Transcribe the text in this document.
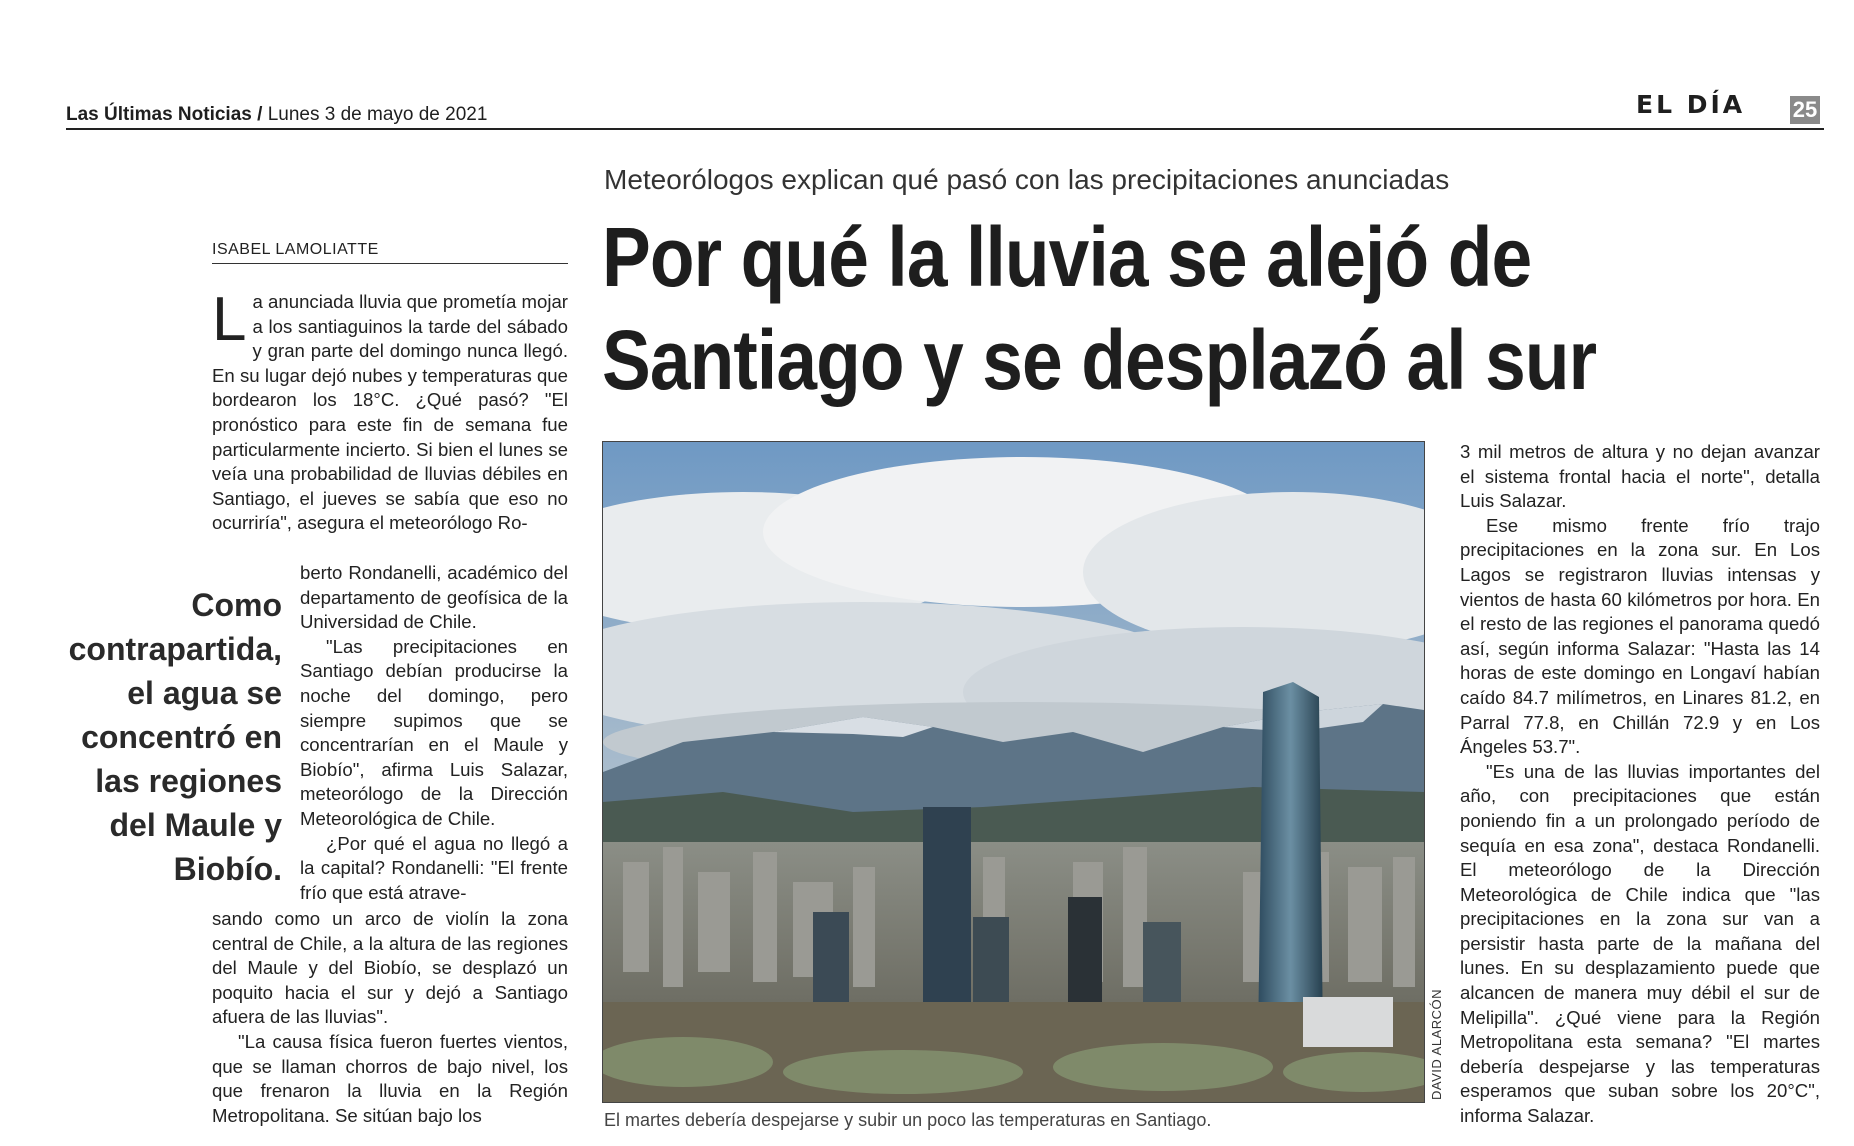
Las Últimas Noticias / Lunes 3 de mayo de 2021	EL DÍA 25
Meteorólogos explican qué pasó con las precipitaciones anunciadas
Por qué la lluvia se alejó de Santiago y se desplazó al sur
ISABEL LAMOLIATTE

La anunciada lluvia que prometía mojar a los santiaguinos la tarde del sábado y gran parte del domingo nunca llegó. En su lugar dejó nubes y temperaturas que bordearon los 18°C. ¿Qué pasó? "El pronóstico para este fin de semana fue particularmente incierto. Si bien el lunes se veía una probabilidad de lluvias débiles en Santiago, el jueves se sabía que eso no ocurriría", asegura el meteorólogo Ro-

Como contrapartida, el agua se concentró en las regiones del Maule y Biobío.

berto Rondanelli, académico del departamento de geofísica de la Universidad de Chile.

"Las precipitaciones en Santiago debían producirse la noche del domingo, pero siempre supimos que se concentrarían en el Maule y Biobío", afirma Luis Salazar, meteorólogo de la Dirección Meteorológica de Chile.

¿Por qué el agua no llegó a la capital? Rondanelli: "El frente frío que está atrave-

sando como un arco de violín la zona central de Chile, a la altura de las regiones del Maule y del Biobío, se desplazó un poquito hacia el sur y dejó a Santiago afuera de las lluvias".

"La causa física fueron fuertes vientos, que se llaman chorros de bajo nivel, los que frenaron la lluvia en la Región Metropolitana. Se sitúan bajo los

DAVID ALARCÓN
El martes debería despejarse y subir un poco las temperaturas en Santiago.

3 mil metros de altura y no dejan avanzar el sistema frontal hacia el norte", detalla Luis Salazar.

Ese mismo frente frío trajo precipitaciones en la zona sur. En Los Lagos se registraron lluvias intensas y vientos de hasta 60 kilómetros por hora. En el resto de las regiones el panorama quedó así, según informa Salazar: "Hasta las 14 horas de este domingo en Longaví habían caído 84.7 milímetros, en Linares 81.2, en Parral 77.8, en Chillán 72.9 y en Los Ángeles 53.7".

"Es una de las lluvias importantes del año, con precipitaciones que están poniendo fin a un prolongado período de sequía en esa zona", destaca Rondanelli. El meteorólogo de la Dirección Meteorológica de Chile indica que "las precipitaciones en la zona sur van a persistir hasta parte de la mañana del lunes. En su desplazamiento puede que alcancen de manera muy débil el sur de Melipilla". ¿Qué viene para la Región Metropolitana esta semana? "El martes debería despejarse y las temperaturas esperamos que suban sobre los 20°C", informa Salazar.
